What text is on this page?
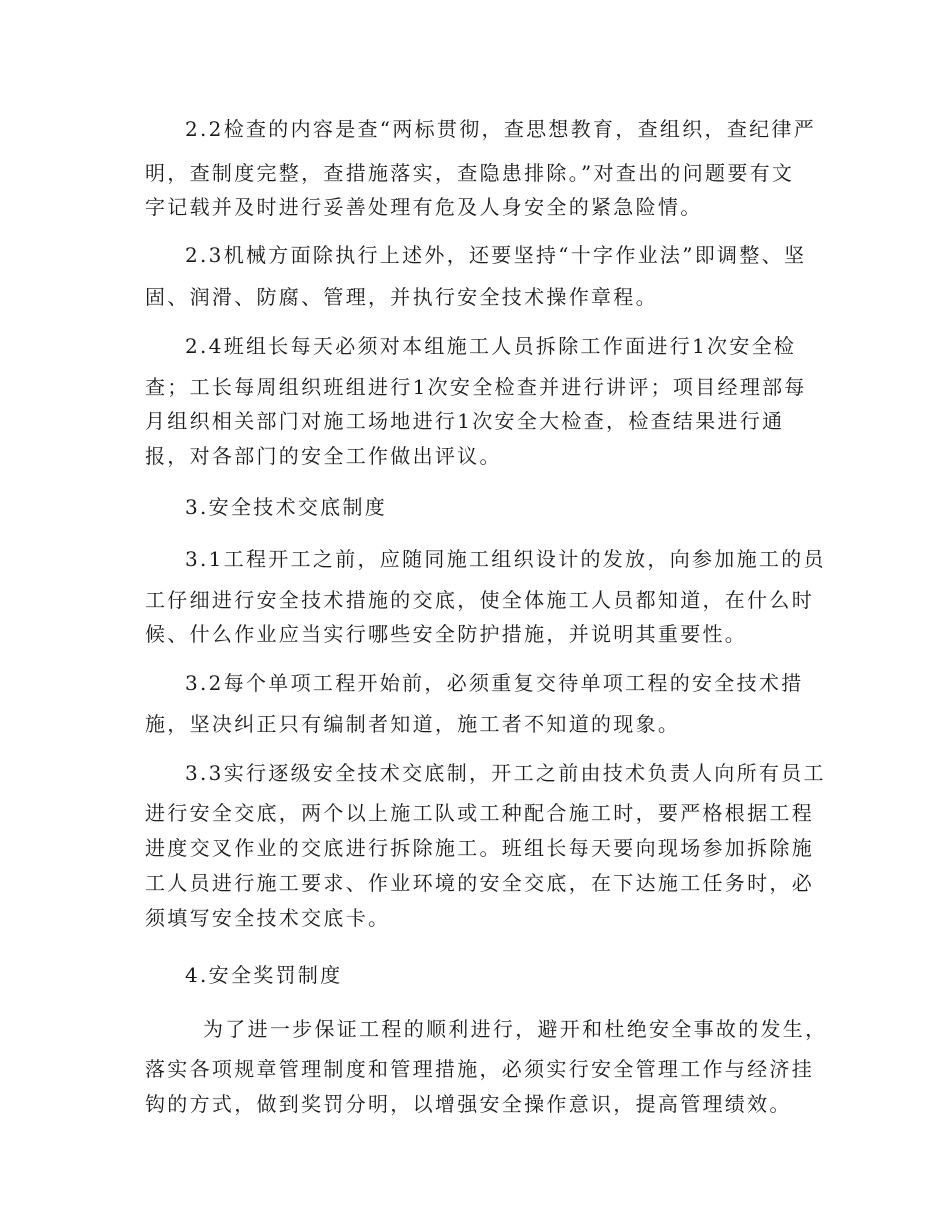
2.2检查的内容是查“两标贯彻，查思想教育，查组织，查纪律严
明，查制度完整，查措施落实，查隐患排除。”对查出的问题要有文
字记载并及时进行妥善处理有危及人身安全的紧急险情。
2.3机械方面除执行上述外，还要坚持“十字作业法”即调整、坚
固、润滑、防腐、管理，并执行安全技术操作章程。
2.4班组长每天必须对本组施工人员拆除工作面进行1次安全检
查；工长每周组织班组进行1次安全检查并进行讲评；项目经理部每
月组织相关部门对施工场地进行1次安全大检查，检查结果进行通
报，对各部门的安全工作做出评议。
3.安全技术交底制度
3.1工程开工之前，应随同施工组织设计的发放，向参加施工的员
工仔细进行安全技术措施的交底，使全体施工人员都知道，在什么时
候、什么作业应当实行哪些安全防护措施，并说明其重要性。
3.2每个单项工程开始前，必须重复交待单项工程的安全技术措
施，坚决纠正只有编制者知道，施工者不知道的现象。
3.3实行逐级安全技术交底制，开工之前由技术负责人向所有员工
进行安全交底，两个以上施工队或工种配合施工时，要严格根据工程
进度交叉作业的交底进行拆除施工。班组长每天要向现场参加拆除施
工人员进行施工要求、作业环境的安全交底，在下达施工任务时，必
须填写安全技术交底卡。
4.安全奖罚制度
为了进一步保证工程的顺利进行，避开和杜绝安全事故的发生，
落实各项规章管理制度和管理措施，必须实行安全管理工作与经济挂
钩的方式，做到奖罚分明，以增强安全操作意识，提高管理绩效。
